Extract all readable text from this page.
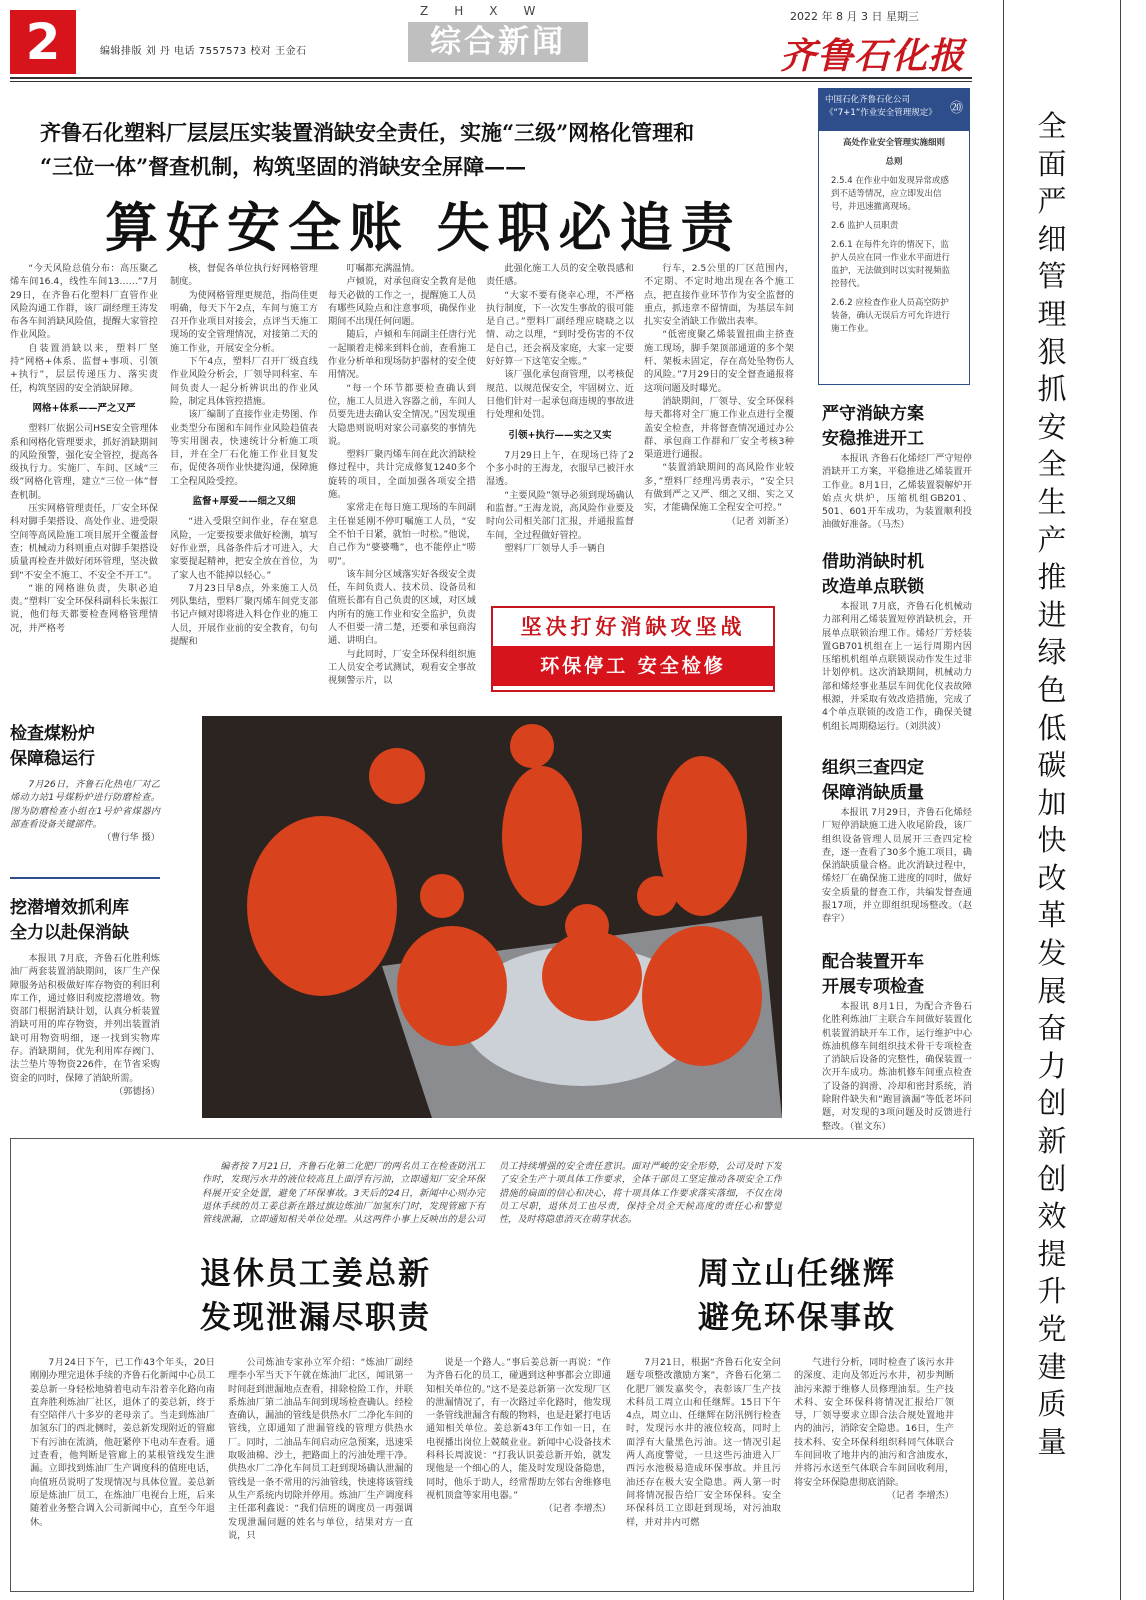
2	编辑排版 刘 丹 电话 7557573 校对 王金石
ZHXW
综合新闻
2022 年 8 月 3 日 星期三
齐鲁石化报
齐鲁石化塑料厂层层压实装置消缺安全责任，实施“三级”网格化管理和
“三位一体”督查机制，构筑坚固的消缺安全屏障——
算好安全账 失职必追责

“今天风险总值分布：高压聚乙烯车间16.4，线性车间13……”7月29日，在齐鲁石化塑料厂直管作业风险沟通工作群，该厂副经理王涛发布各车间消缺风险值，提醒大家管控作业风险。

自装置消缺以来，塑料厂坚持“网格+体系、监督+事项、引领+执行”，层层传递压力、落实责任，构筑坚固的安全消缺屏障。

网格+体系——严之又严

塑料厂依据公司HSE安全管理体系和网格化管理要求，抓好消缺期间的风险预警，强化安全管控，提高各级执行力。实施厂、车间、区域“三级”网格化管理，建立“三位一体”督查机制。

压实网格管理责任，厂安全环保科对脚手架搭设、高处作业、进受限空间等高风险施工项目展开全覆盖督查；机械动力科则重点对脚手架搭设质量再检查并做好闭环管理，坚决做到“不安全不施工、不安全不开工”。

“谁的网格谁负责，失职必追责。”塑料厂安全环保科副科长朱振江说，他们每天都要检查网格管理情况，并严格考

核，督促各单位执行好网格管理制度。

为使网格管理更规范，指尚佳更明确，每天下午2点，车间与施工方召开作业项目对接会，点评当天施工现场的安全管理情况，对接第二天的施工作业，开展安全分析。

下午4点，塑料厂召开厂级直线作业风险分析会，厂领导同科室、车间负责人一起分析辨识出的作业风险，制定具体管控措施。

该厂编制了直接作业走势图、作业类型分布图和车间作业风险趋值表等实用图表，快速统计分析施工项目，并在全厂石化施工作业目复发布，促使各项作业快捷沟通，保障施工全程风险受控。

监督+厚爱——细之又细

“进入受限空间作业，存在窒息风险，一定要按要求做好检测，填写好作业票，具备条件后才可进入，大家要提起精神，把安全放在首位，为了家人也不能掉以轻心。”

7月23日早8点，外来施工人员列队集结，塑料厂聚丙烯车间党支部书记卢倾对即将进入料仓作业的施工人员，开展作业前的安全教育，句句提醒和

叮嘱都充满温情。

卢倾说，对承包商安全教育是他每天必做的工作之一，提醒施工人员有哪些风险点和注意事项，确保作业期间不出现任何问题。

随后，卢倾和车间副主任唐行光一起顺着走梯来到料仓前，查看施工作业分析单和现场防护器材的安全使用情况。

“每一个环节都要检查确认到位，施工人员进入容器之前，车间人员要先进去确认安全情况。”因发现重大隐患则说明对家公司嘉奖的事情先说。

塑料厂聚丙烯车间在此次消缺检修过程中，共计完成修复1240多个旋转的项目，全面加强各项安全措施。

家常走在每日施工现场的车间副主任崔延刚不停叮嘱施工人员，“安全不怕千日紧，就怕一时松。”他说，自己作为“婆婆嘴”，也不能停止“唠叨”。

该车间分区域落实好各级安全责任，车间负责人、技术员、设备员和值班长都有自己负责的区域，对区域内所有的施工作业和安全监护，负责人不但要一清二楚，还要和承包商沟通、讲明白。

与此同时，厂安全环保科组织施工人员安全考试测试，观看安全事故视频警示片，以

此强化施工人员的安全敬畏感和责任感。

“大家不要有侥幸心理，不严格执行制度，下一次发生事故的很可能是自己。”塑料厂副经理应晓晓之以情、动之以理，“到时受伤害的不仅是自己，还会祸及家庭，大家一定要好好算一下这笔安全账。”

该厂强化承包商管理，以考核促规范、以规范保安全，牢固树立、近日他们针对一起承包商违规的事故进行处理和处罚。

引领+执行——实之又实

7月29日上午，在现场已待了2个多小时的王海龙，衣服早已被汗水湿透。

“主要风险”领导必须到现场确认和监督。”王海龙说，高风险作业要及时向公司相关部门汇报，并通报监督车间，全过程做好管控。

塑料厂厂领导人手一辆自

行车，2.5公里的厂区范围内，不定期、不定时地出现在各个施工点，把直接作业环节作为安全监督的重点，抓违章不留情面，为基层车间扎实安全消缺工作做出表率。

“低密度聚乙烯装置扭曲主挤查施工现场，脚手架顶部通道的多个架杆、架板未固定，存在高处坠物伤人的风险。”7月29日的安全督查通报将这项问题及时曝光。

消缺期间，厂领导、安全环保科每天都将对全厂施工作业点进行全覆盖安全检查，并将督查情况通过办公群、承包商工作群和厂安全考核3种渠道进行通报。

“装置消缺期间的高风险作业较多，”塑料厂经理冯勇表示，“安全只有做到严之又严、细之又细、实之又实，才能确保施工全程安全可控。”

（记者 刘新圣）

中国石化齐鲁石化公司
《“7+1”作业安全管理规定》	⑳

高处作业安全管理实施细则

总则

2.5.4 在作业中如发现异常或感到不适等情况，应立即发出信号，并迅速撤离现场。

2.6 监护人员职责

2.6.1 在每件允许的情况下，监护人员应在同一作业水平面进行监护，无法做到时以实时视频监控替代。

2.6.2 应检查作业人员高空防护装备，确认无误后方可允许进行施工作业。

严守消缺方案
安稳推进开工

本报讯 齐鲁石化烯烃厂严守短停消缺开工方案，平稳推进乙烯装置开工作业。8月1日，乙烯装置裂解炉开始点火烘炉，压缩机组GB201、501、601开车成功，为装置顺利投油做好准备。（马杰）

借助消缺时机
改造单点联锁

本报讯 7月底，齐鲁石化机械动力部利用乙烯装置短停消缺机会，开展单点联锁治理工作。烯烃厂芳烃装置GB701机组在上一运行周期内因压缩机机组单点联锁误动作发生过非计划停机。这次消缺期间，机械动力部和烯烃事业基层车间优化仪表故障根源，并采取有效改造措施，完成了4个单点联锁的改造工作，确保关键机组长周期稳运行。（刘洪波）

组织三查四定
保障消缺质量

本报讯 7月29日，齐鲁石化烯烃厂短停消缺施工进入收尾阶段，该厂组织设备管理人员展开三查四定检查，逐一查看了30多个施工项目，确保消缺质量合格。此次消缺过程中，烯烃厂在确保施工进度的同时，做好安全质量的督查工作，共编发督查通报17项，并立即组织现场整改。（赵春宇）

配合装置开车
开展专项检查

本报讯 8月1日，为配合齐鲁石化胜利炼油厂主联合车间做好装置化机装置消缺开车工作，运行维护中心炼油机修车间组织技术骨干专项检查了消缺后设备的完整性，确保装置一次开车成功。炼油机修车间重点检查了设备的润滑、冷却和密封系统，消除附件缺失和“跑冒滴漏”等低老坏问题，对发现的3项问题及时反馈进行整改。（崔文东）

坚决打好消缺攻坚战
环保停工 安全检修
检查煤粉炉
保障稳运行

7月26日，齐鲁石化热电厂对乙烯动力站1号煤粉炉进行防磨检查。图为防磨检查小组在1号炉省煤器内部查看设备关键部件。

（曹行华 摄）
挖潜增效抓利库
全力以赴保消缺

本报讯 7月底，齐鲁石化胜利炼油厂两套装置消缺期间，该厂生产保障服务站积极做好库存物资的利旧利库工作，通过修旧利废挖潜增效。物资部门根据消缺计划，认真分析装置消缺可用的库存物资，并列出装置消缺可用物资明细，逐一找到实物库存。消缺期间，优先利用库存阀门、法兰垫片等物资226件，在节省采购资金的同时，保障了消缺所需。

（郭德扬）

编者按 7月21日，齐鲁石化第二化肥厂的两名员工在检查防汛工作时，发现污水井的液位较高且上面浮有污油，立即通知厂安全环保科展开安全处置，避免了环保事故。3天后的24日，新闻中心则办完退休手续的员工姜总新在路过旗边炼油厂加氢东门时，发现管廊下有管线泄漏，立即通知相关单位处理。从这两件小事上反映出的是公司员工持续增强的安全责任意识。面对严峻的安全形势，公司及时下发了安全生产十项具体工作要求，全体干部员工坚定推动各项安全工作措施的扁面的信心和决心，将十项具体工作要求落实落细，不仅在岗员工尽职，退休员工也尽责，保持全员全天候高度的责任心和警觉性，及时将隐患消灭在萌芽状态。

退休员工姜总新
发现泄漏尽职责
周立山任继辉
避免环保事故

7月24日下午，已工作43个年头，20日刚刚办理完退休手续的齐鲁石化新闻中心员工姜总新一身轻松地骑着电动车沿着辛化路向南直奔胜利炼油厂社区，退休了的姜总新，终于有空陪伴八十多岁的老母亲了。当走到炼油厂加氢东门的西北侧时，姜总新发现附近的管廊下有污油在流淌，他赶紧停下电动车查看。通过查看，他判断是管廊上的某根管线发生泄漏。立即找到炼油厂生产调度科的值班电话，向值班员说明了发现情况与具体位置。姜总新原是炼油厂员工，在炼油厂电视台上班，后来随着业务整合调入公司新闻中心，直至今年退休。

公司炼油专家孙立军介绍：“炼油厂副经理李小军当天下午就在炼油厂北区，闻讯第一时间赶到泄漏地点查看，排除检险工作，并联系炼油厂第二油品车间到现场检查确认。经检查确认，漏油的管线是供热水厂二净化车间的管线，立即通知了泄漏管线的管理方供热水厂。同时，二油品车间启动应急预案，迅速采取吸油棉、沙土，把路面上的污油处理干净。供热水厂二净化车间员工赶到现场确认泄漏的管线是一条不常用的污油管线，快速将该管线从生产系统内切除并停用。炼油厂生产调度科主任邵利鑫说：“我们信班的调度员一再强调发现泄漏问题的姓名与单位，结果对方一直说，只

说是一个路人。”事后姜总新一再说：“作为齐鲁石化的员工，碰遇到这种事都会立即通知相关单位的。”这不是姜总新第一次发现厂区的泄漏情况了，有一次路过辛化路时，他发现一条管线泄漏含有酸的物料，也是赶紧打电话通知相关单位。姜总新43年工作如一日，在电视播出岗位上兢兢业业。新闻中心设备技术科科长周波说：“打我认识姜总新开始，就发现他是一个细心的人，能及时发现设备隐患，同时，他乐于助人，经常帮助左邻右舍维修电视机顶盒等家用电器。”

（记者 李增杰）

7月21日，根据“齐鲁石化安全问题专项整改激励方案”，齐鲁石化第二化肥厂颁发嘉奖令，表彰该厂生产技术科员工周立山和任继辉。15日下午4点，周立山、任继辉在防汛例行检查时，发现污水井的液位较高，同时上面浮有大量黑色污油。这一情况引起两人高度警觉，一旦这些污油进入厂西污水池极易造成环保事故。并且污油还存在极大安全隐患。两人第一时间将情况报告给厂安全环保科。安全环保科员工立即赶到现场，对污油取样，并对井内可燃

气进行分析，同时检查了该污水井的深度、走向及邻近污水井，初步判断油污来源于维修人员修理油泵。生产技术科、安全环保科将情况汇报给厂领导，厂领导要求立即合法合规处置地井内的油污，消除安全隐患。16日，生产技术科、安全环保科组织科同气体联合车间回收了地井内的油污和含油废水，并将污水送至气体联合车间回收利用，将安全环保隐患彻底消除。

（记者 李增杰）

全面严细管理 狠抓安全生产 推进绿色低碳 加快改革发展 奋力创新创效 提升党建质量
